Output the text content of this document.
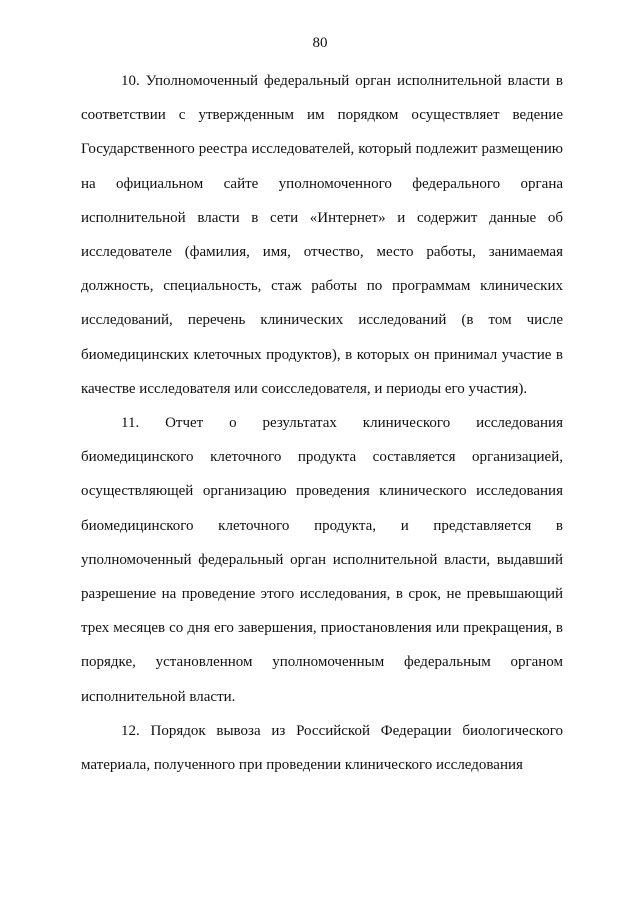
80

10. Уполномоченный федеральный орган исполнительной власти в соответствии с утвержденным им порядком осуществляет ведение Государственного реестра исследователей, который подлежит размещению на официальном сайте уполномоченного федерального органа исполнительной власти в сети «Интернет» и содержит данные об исследователе (фамилия, имя, отчество, место работы, занимаемая должность, специальность, стаж работы по программам клинических исследований, перечень клинических исследований (в том числе биомедицинских клеточных продуктов), в которых он принимал участие в качестве исследователя или соисследователя, и периоды его участия).

11. Отчет о результатах клинического исследования биомедицинского клеточного продукта составляется организацией, осуществляющей организацию проведения клинического исследования биомедицинского клеточного продукта, и представляется в уполномоченный федеральный орган исполнительной власти, выдавший разрешение на проведение этого исследования, в срок, не превышающий трех месяцев со дня его завершения, приостановления или прекращения, в порядке, установленном уполномоченным федеральным органом исполнительной власти.

12. Порядок вывоза из Российской Федерации биологического материала, полученного при проведении клинического исследования
